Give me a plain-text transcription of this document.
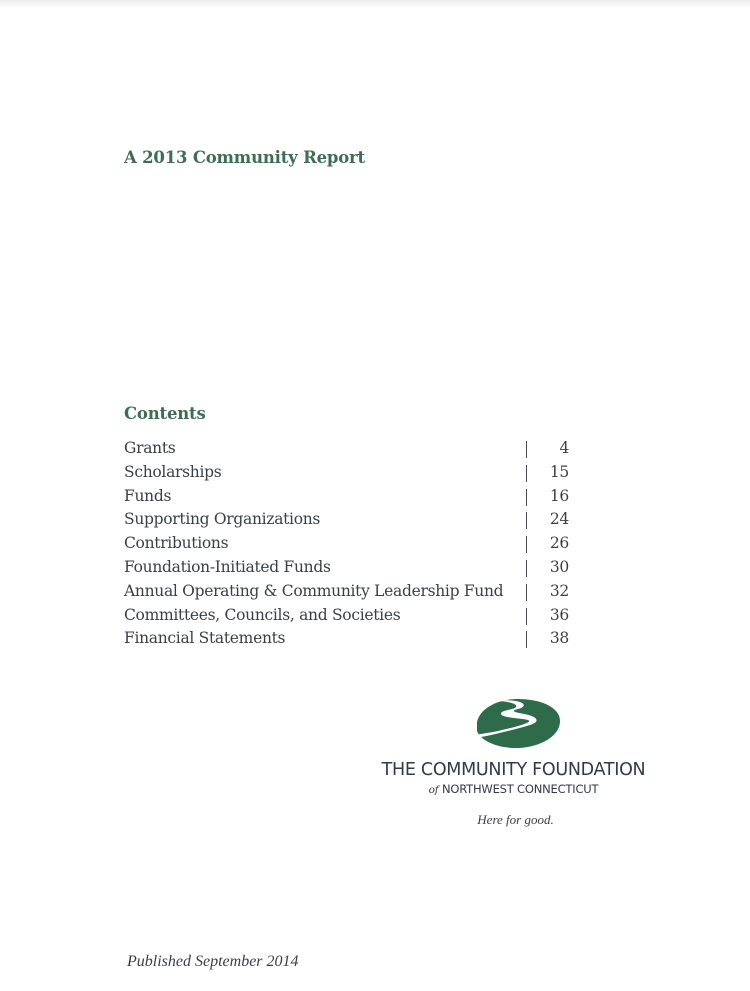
A 2013 Community Report
Contents
Grants	4
Scholarships	15
Funds	16
Supporting Organizations	24
Contributions	26
Foundation-Initiated Funds	30
Annual Operating & Community Leadership Fund	32
Committees, Councils, and Societies	36
Financial Statements	38
THE COMMUNITY FOUNDATION
of NORTHWEST CONNECTICUT
Here for good.
Published September 2014
